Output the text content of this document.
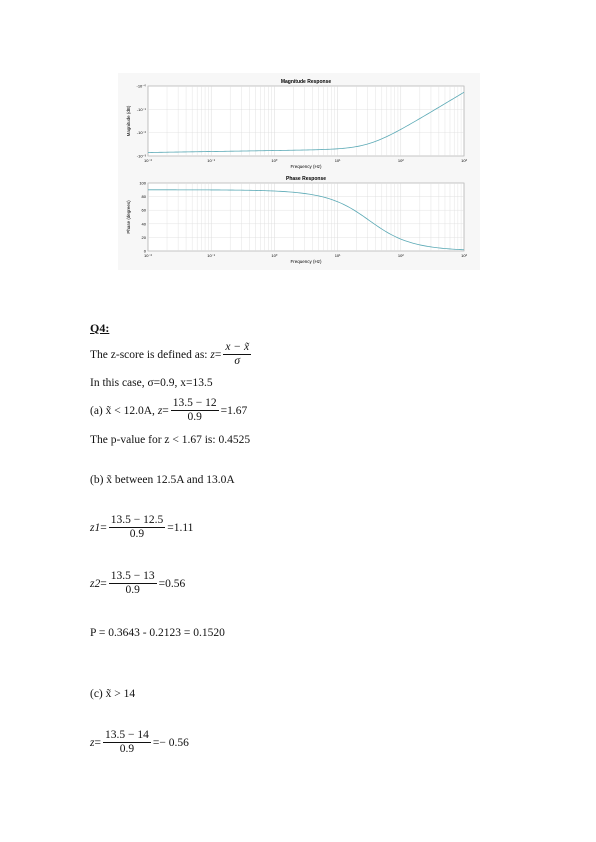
Magnitude Response
Frequency (Hz)
Magnitude (dB)
10⁻²	10⁻¹	10⁰	10¹	10²	10³
-10⁻⁰
-10⁻¹
-10⁻²
-10⁻³
Phase Response
Frequency (Hz)
Phase (degrees)
10⁻²	10⁻¹	10⁰	10¹	10²	10³
100
80
60
40
20
0
Q4:
The z-score is defined as:
$z = \frac{x - x̃}{\sigma}$
In this case, σ=0.9, x=13.5
(a) x̃ < 12.0A,
$z = \frac{13.5 - 12}{0.9} = 1.67$
The p-value for z < 1.67 is: 0.4525
(b) x̃ between 12.5A and 13.0A
$z1 = \frac{13.5 - 12.5}{0.9} = 1.11$
$z2 = \frac{13.5 - 13}{0.9} = 0.56$
P = 0.3643 - 0.2123 = 0.1520
(c) x̃ > 14
$z = \frac{13.5 - 14}{0.9}$ = − 0.56
